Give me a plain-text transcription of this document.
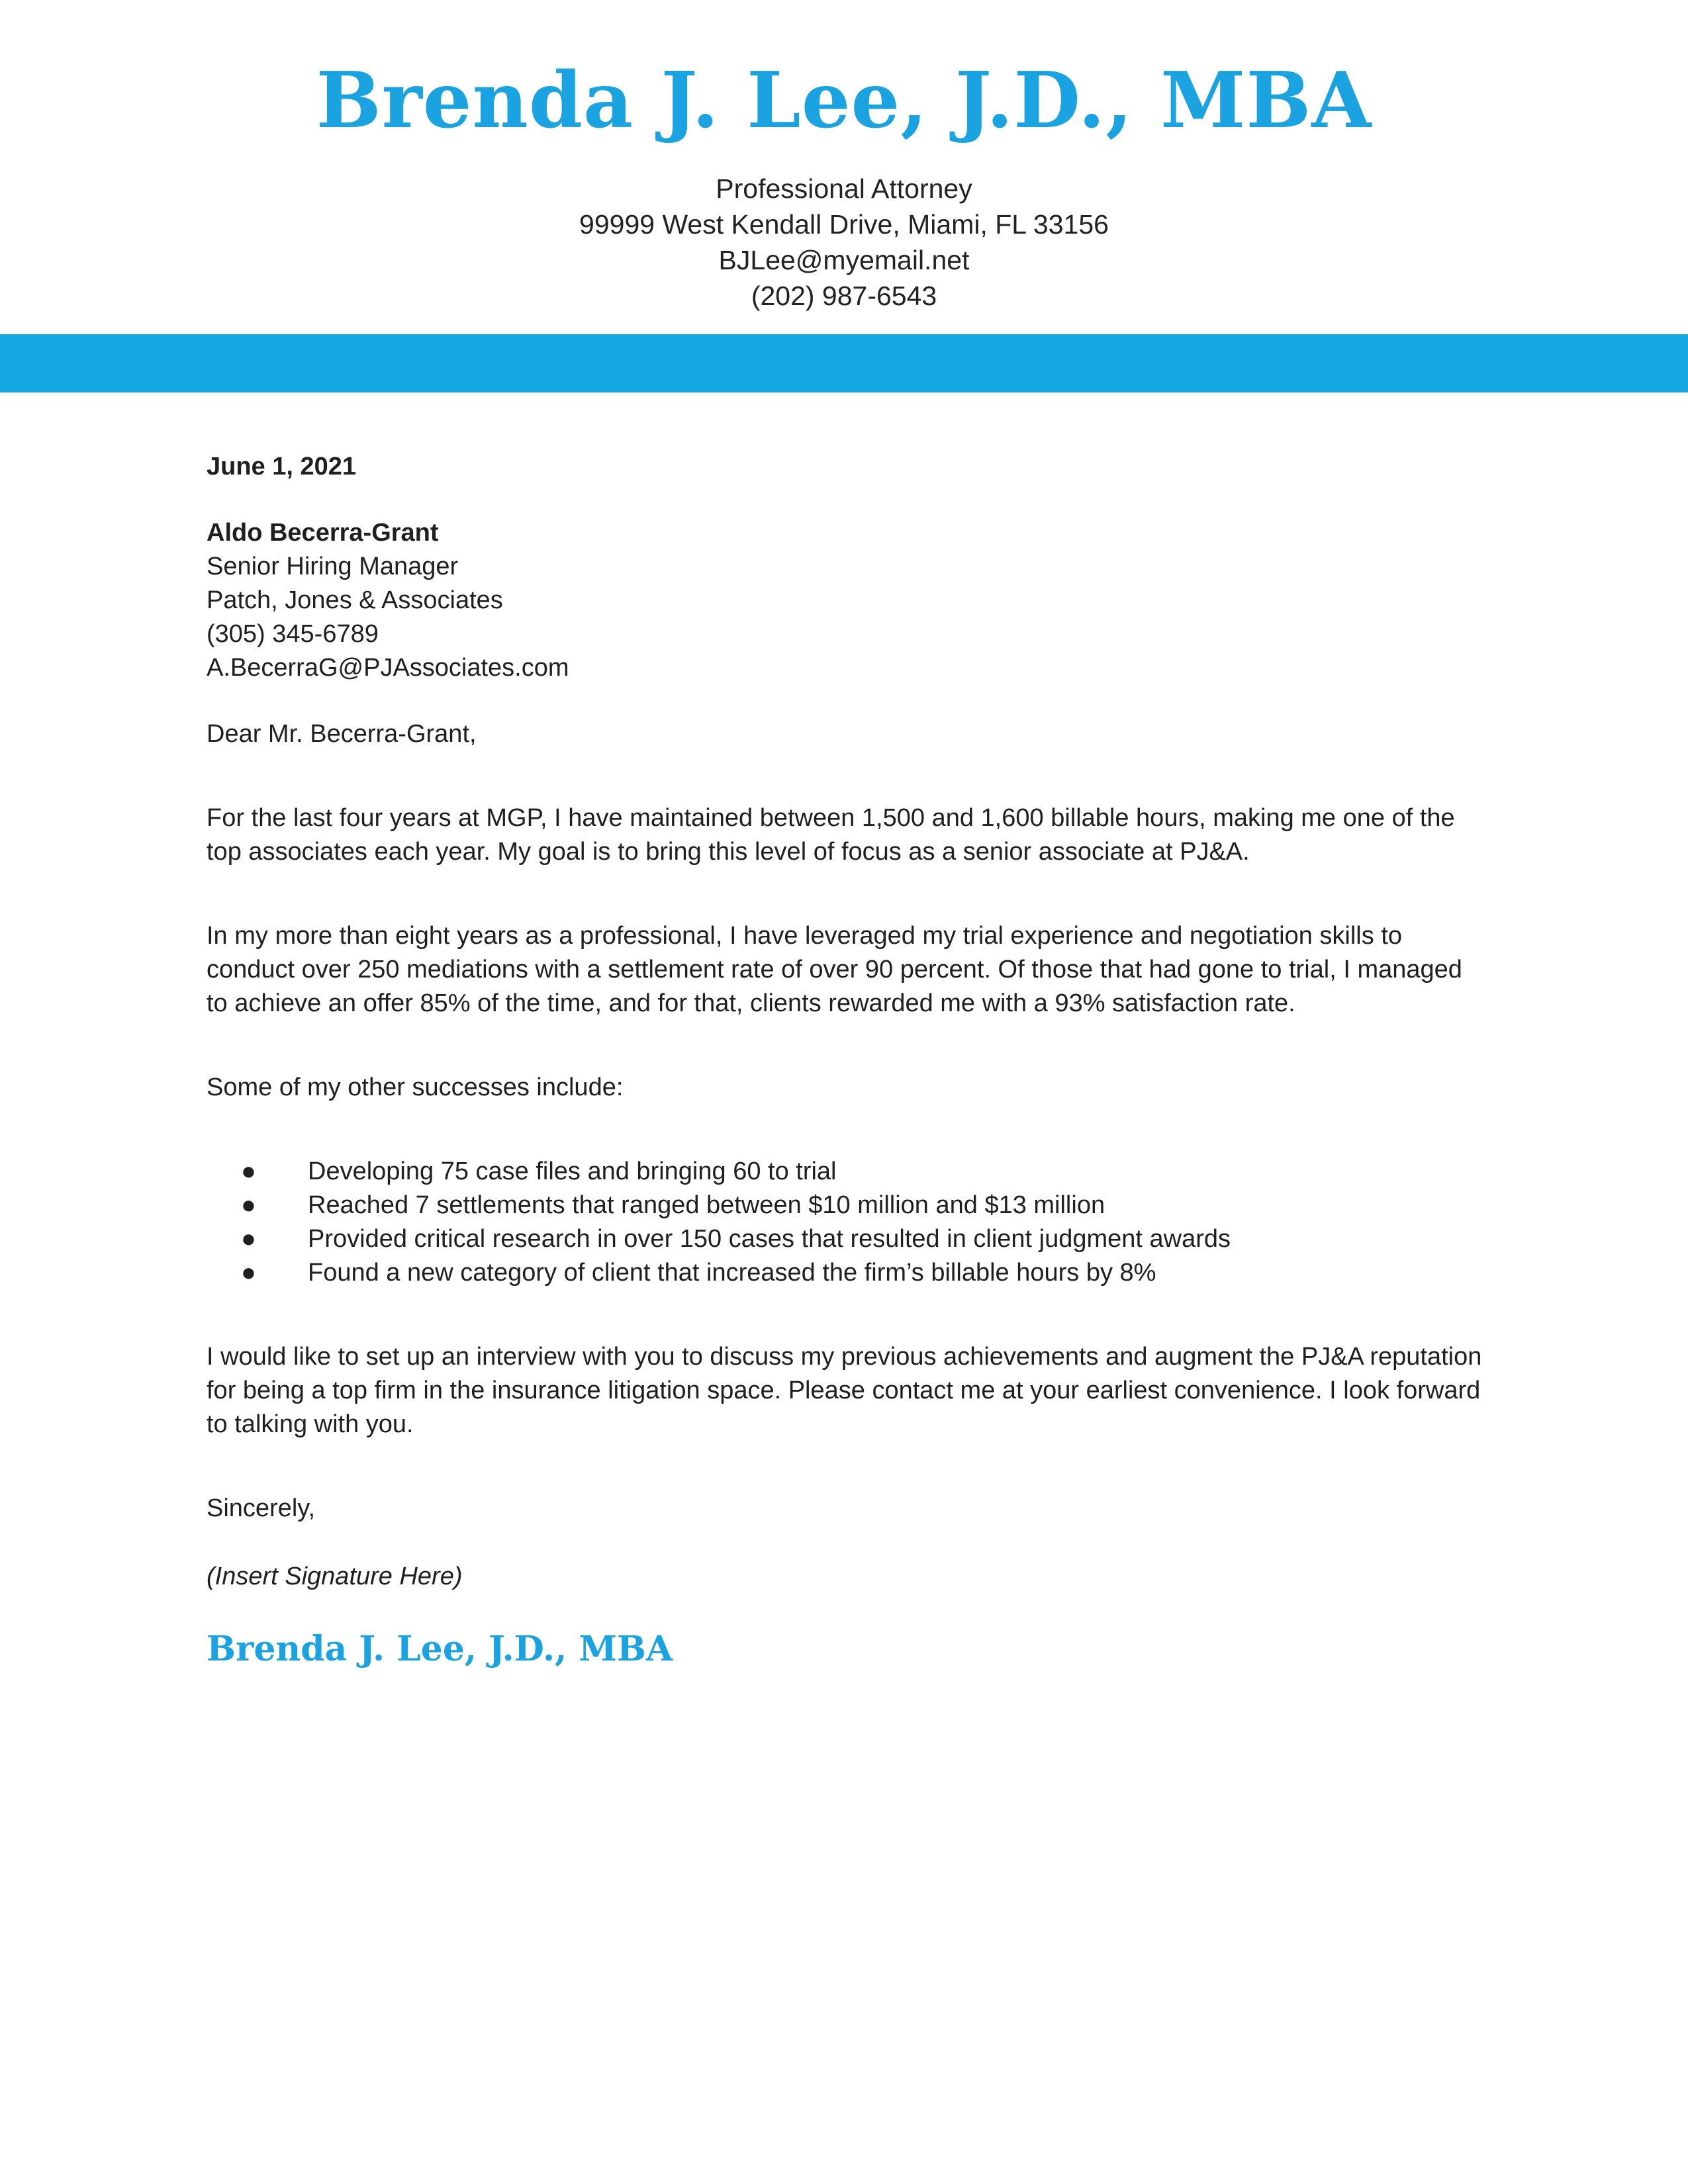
Brenda J. Lee, J.D., MBA
Professional Attorney
99999 West Kendall Drive, Miami, FL 33156
BJLee@myemail.net
(202) 987-6543
June 1, 2021
Aldo Becerra-Grant
Senior Hiring Manager
Patch, Jones & Associates
(305) 345-6789
A.BecerraG@PJAssociates.com
Dear Mr. Becerra-Grant,
For the last four years at MGP, I have maintained between 1,500 and 1,600 billable hours, making me one of the top associates each year. My goal is to bring this level of focus as a senior associate at PJ&A.
In my more than eight years as a professional, I have leveraged my trial experience and negotiation skills to conduct over 250 mediations with a settlement rate of over 90 percent. Of those that had gone to trial, I managed to achieve an offer 85% of the time, and for that, clients rewarded me with a 93% satisfaction rate.
Some of my other successes include:
● Developing 75 case files and bringing 60 to trial
● Reached 7 settlements that ranged between $10 million and $13 million
● Provided critical research in over 150 cases that resulted in client judgment awards
● Found a new category of client that increased the firm’s billable hours by 8%
I would like to set up an interview with you to discuss my previous achievements and augment the PJ&A reputation for being a top firm in the insurance litigation space. Please contact me at your earliest convenience. I look forward to talking with you.
Sincerely,
(Insert Signature Here)
Brenda J. Lee, J.D., MBA
